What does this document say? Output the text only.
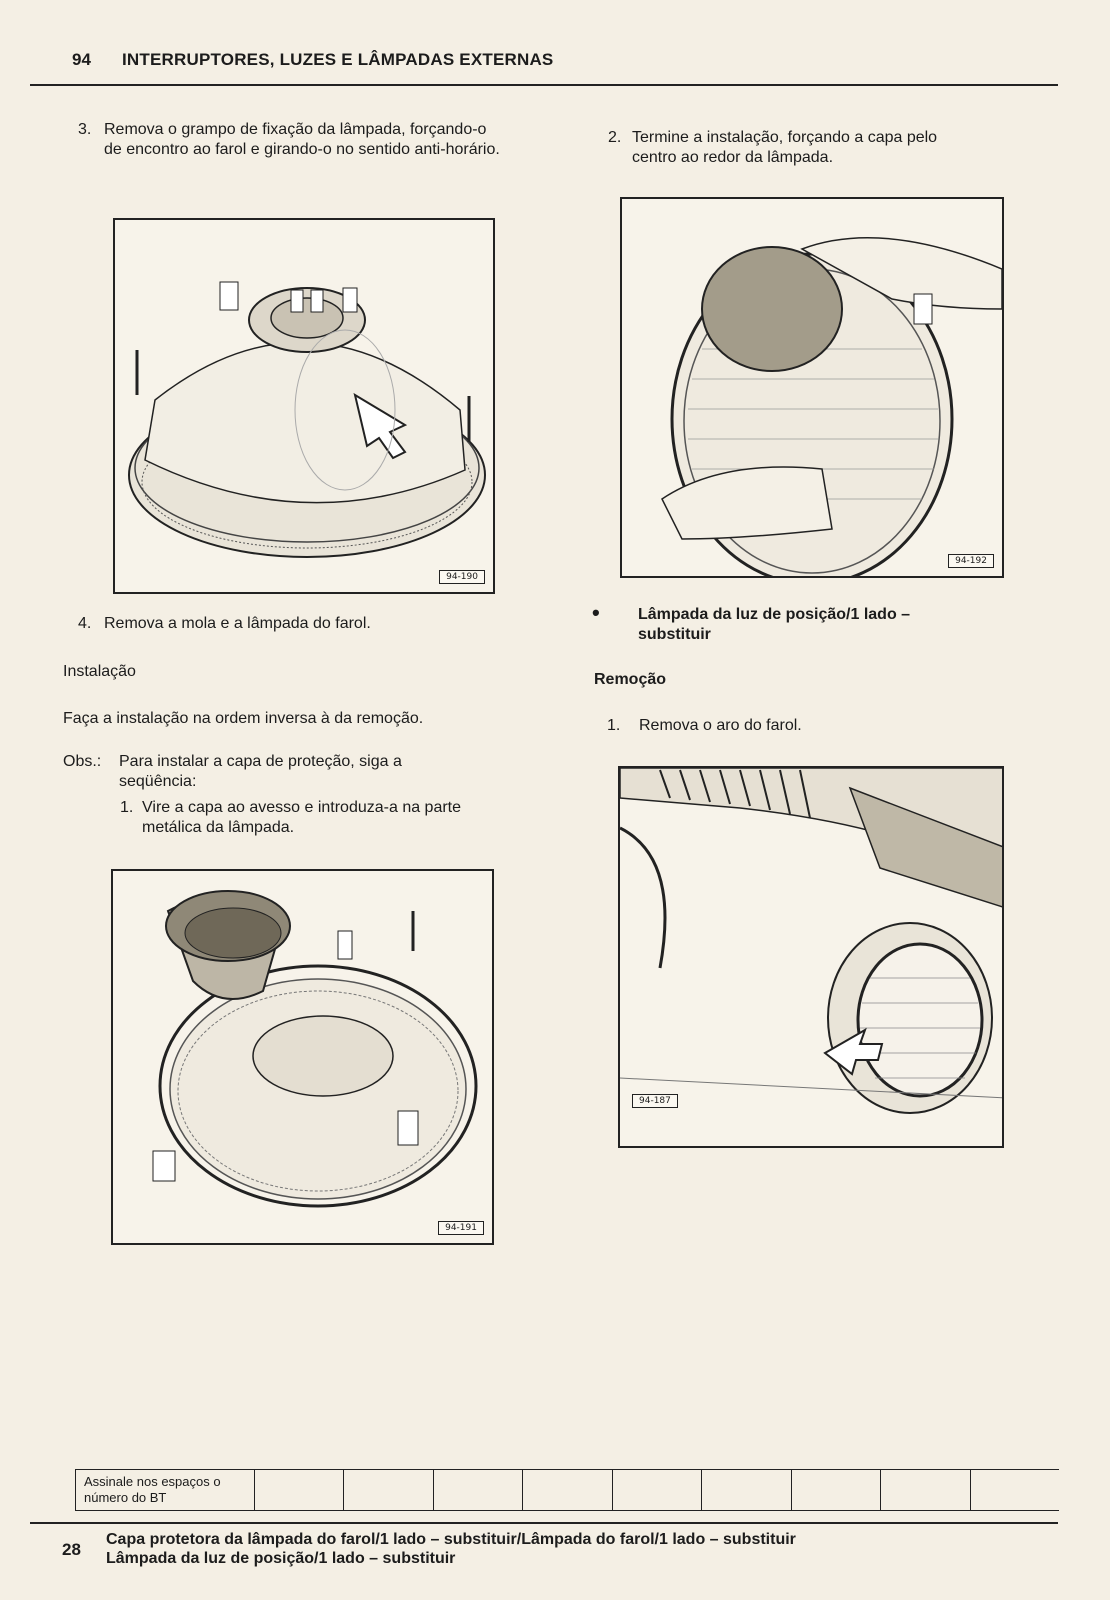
94 INTERRUPTORES, LUZES E LÂMPADAS EXTERNAS
3. Remova o grampo de fixação da lâmpada, forçando-o de encontro ao farol e girando-o no sentido anti-horário.
94-190
4. Remova a mola e a lâmpada do farol.
Instalação
Faça a instalação na ordem inversa à da remoção.
Obs.: Para instalar a capa de proteção, siga a seqüência:
1. Vire a capa ao avesso e introduza-a na parte metálica da lâmpada.
94-191
2. Termine a instalação, forçando a capa pelo centro ao redor da lâmpada.
94-192
• Lâmpada da luz de posição/1 lado – substituir
Remoção
1. Remova o aro do farol.
94-187
Assinale nos espaços o número do BT
28
Capa protetora da lâmpada do farol/1 lado – substituir/Lâmpada do farol/1 lado – substituir
Lâmpada da luz de posição/1 lado – substituir
